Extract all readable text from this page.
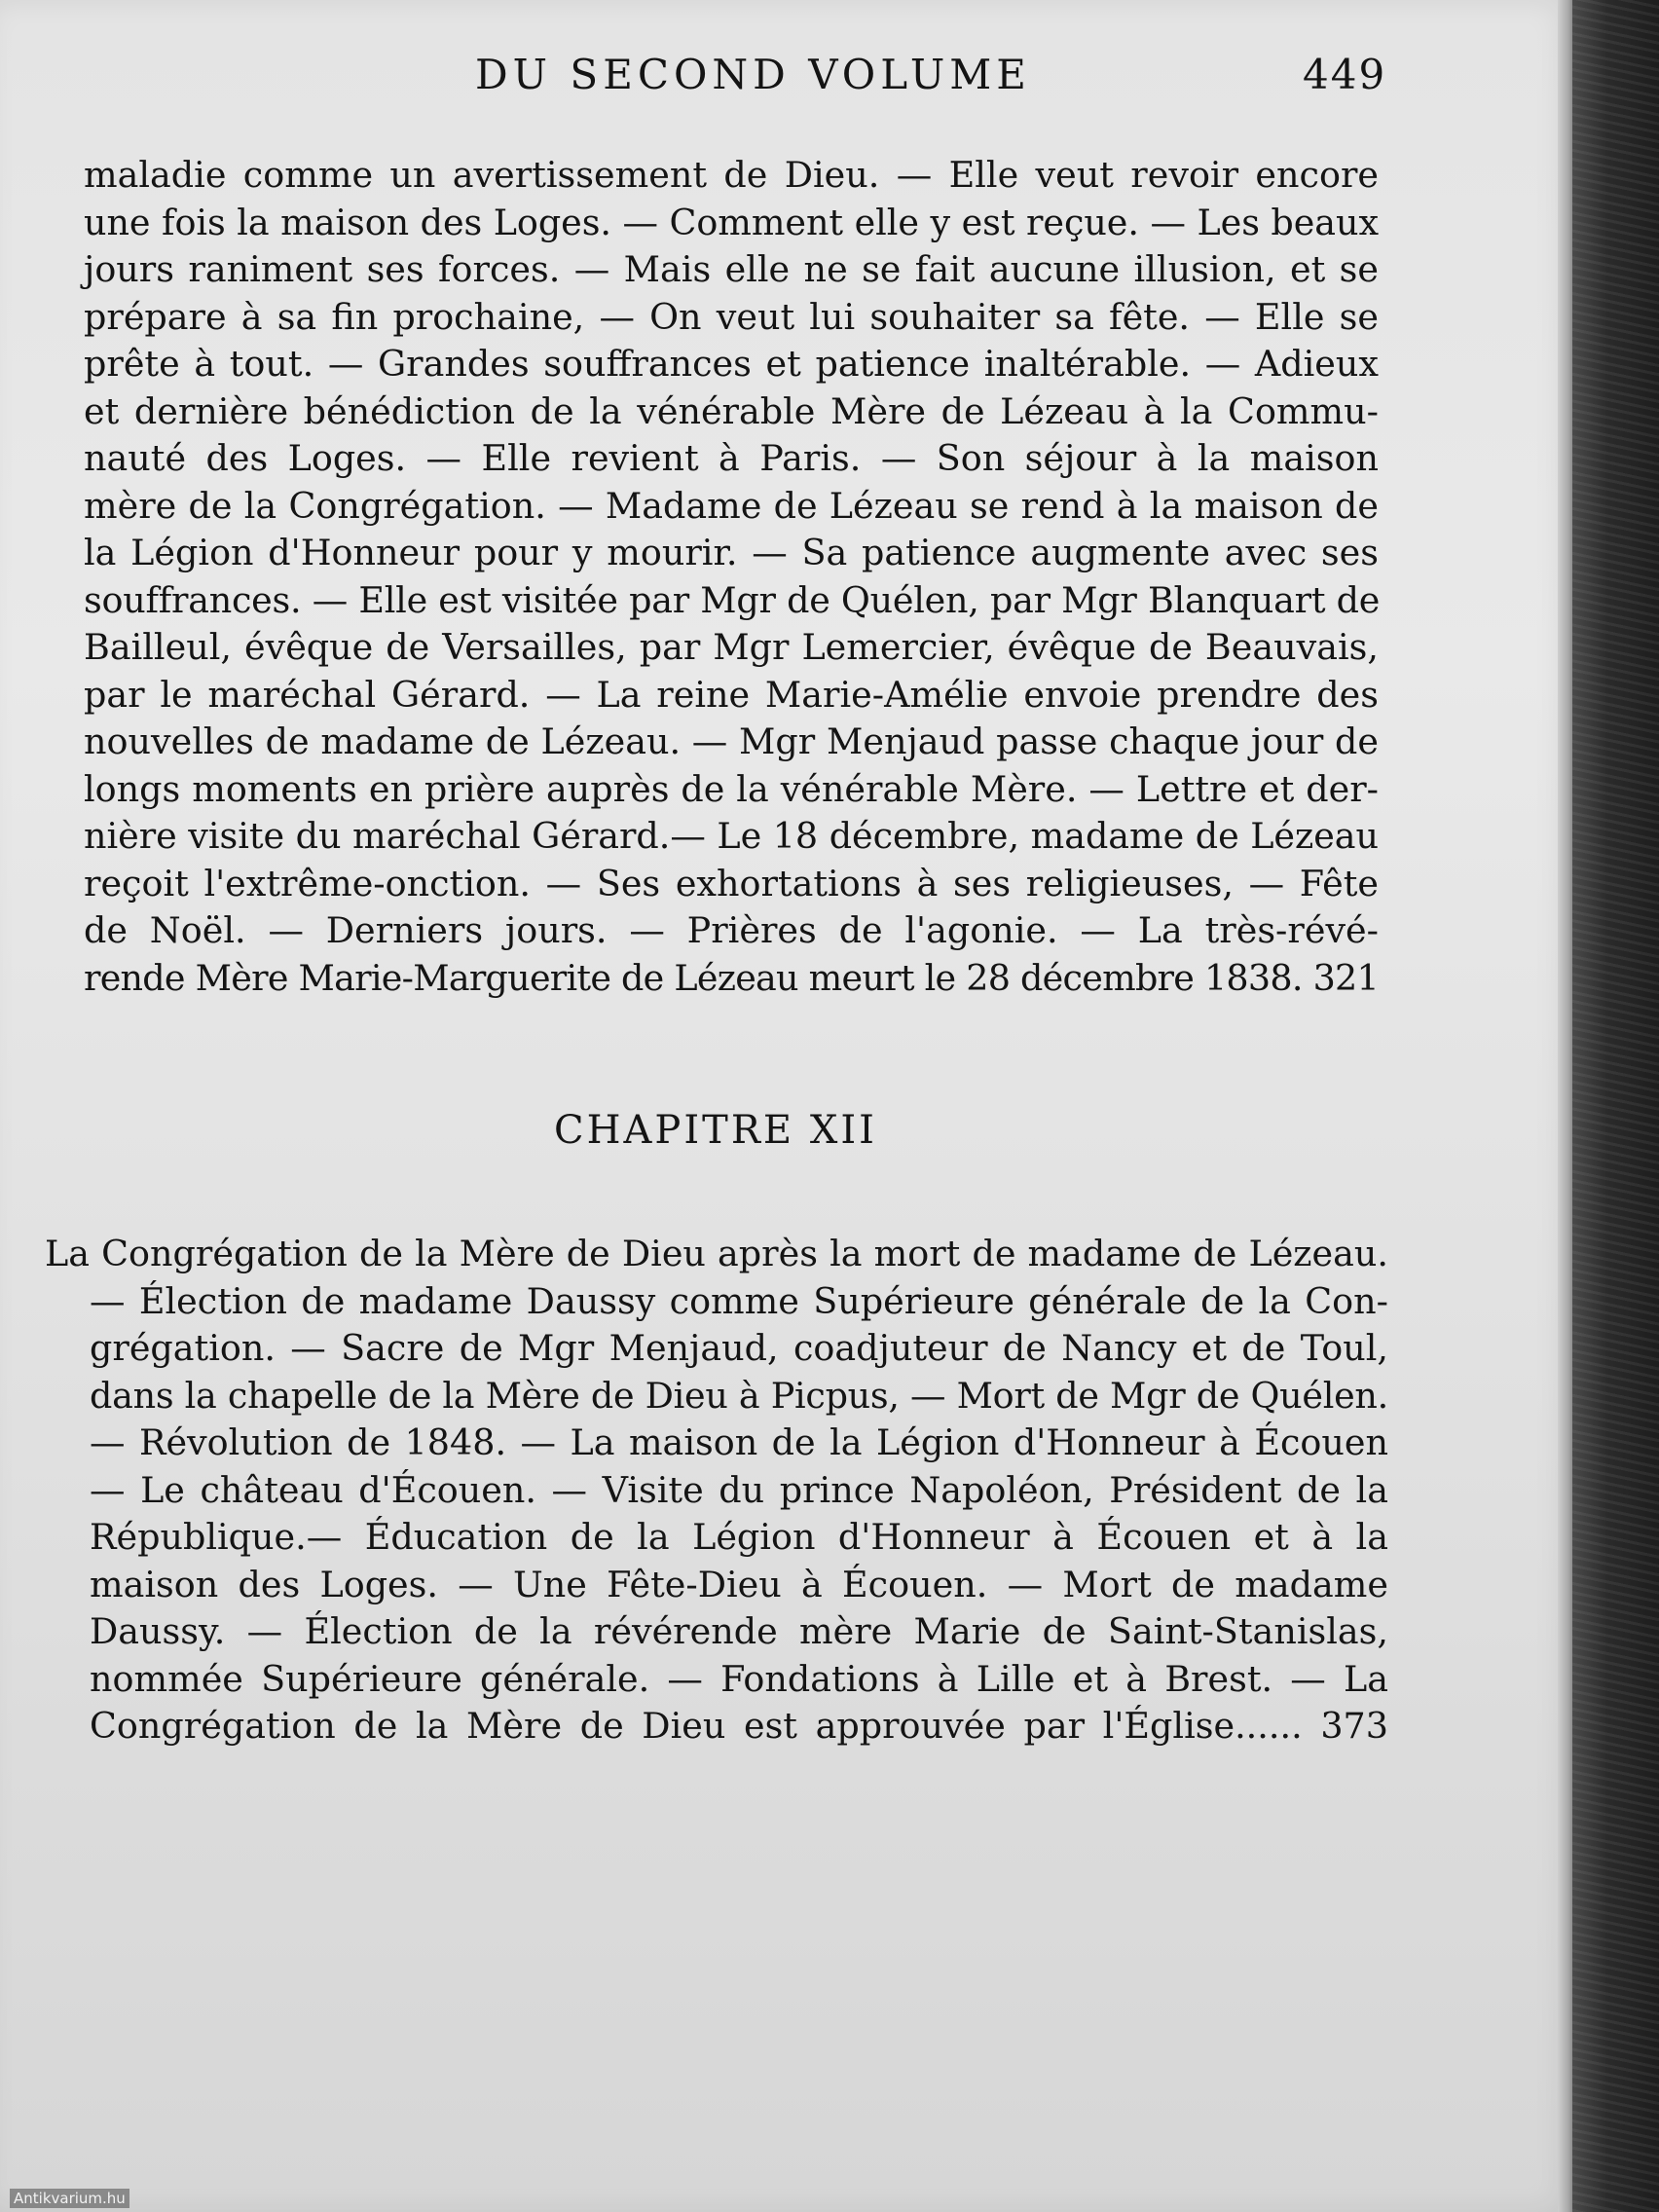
DU SECOND VOLUME	449
maladie comme un avertissement de Dieu. — Elle veut revoir encore
une fois la maison des Loges. — Comment elle y est reçue. — Les beaux
jours raniment ses forces. — Mais elle ne se fait aucune illusion, et se
prépare à sa fin prochaine, — On veut lui souhaiter sa fête. — Elle se
prête à tout. — Grandes souffrances et patience inaltérable. — Adieux
et dernière bénédiction de la vénérable Mère de Lézeau à la Commu-
nauté des Loges. — Elle revient à Paris. — Son séjour à la maison
mère de la Congrégation. — Madame de Lézeau se rend à la maison de
la Légion d'Honneur pour y mourir. — Sa patience augmente avec ses
souffrances. — Elle est visitée par Mgr de Quélen, par Mgr Blanquart de
Bailleul, évêque de Versailles, par Mgr Lemercier, évêque de Beauvais,
par le maréchal Gérard. — La reine Marie-Amélie envoie prendre des
nouvelles de madame de Lézeau. — Mgr Menjaud passe chaque jour de
longs moments en prière auprès de la vénérable Mère. — Lettre et der-
nière visite du maréchal Gérard.— Le 18 décembre, madame de Lézeau
reçoit l'extrême-onction. — Ses exhortations à ses religieuses, — Fête
de Noël. — Derniers jours. — Prières de l'agonie. — La très-révé-
rende Mère Marie-Marguerite de Lézeau meurt le 28 décembre 1838. 321
CHAPITRE XII
La Congrégation de la Mère de Dieu après la mort de madame de Lézeau.
— Élection de madame Daussy comme Supérieure générale de la Con-
grégation. — Sacre de Mgr Menjaud, coadjuteur de Nancy et de Toul,
dans la chapelle de la Mère de Dieu à Picpus, — Mort de Mgr de Quélen.
— Révolution de 1848. — La maison de la Légion d'Honneur à Écouen
— Le château d'Écouen. — Visite du prince Napoléon, Président de la
République.— Éducation de la Légion d'Honneur à Écouen et à la
maison des Loges. — Une Fête-Dieu à Écouen. — Mort de madame
Daussy. — Élection de la révérende mère Marie de Saint-Stanislas,
nommée Supérieure générale. — Fondations à Lille et à Brest. — La
Congrégation de la Mère de Dieu est approuvée par l'Église...... 373
Antikvarium.hu
